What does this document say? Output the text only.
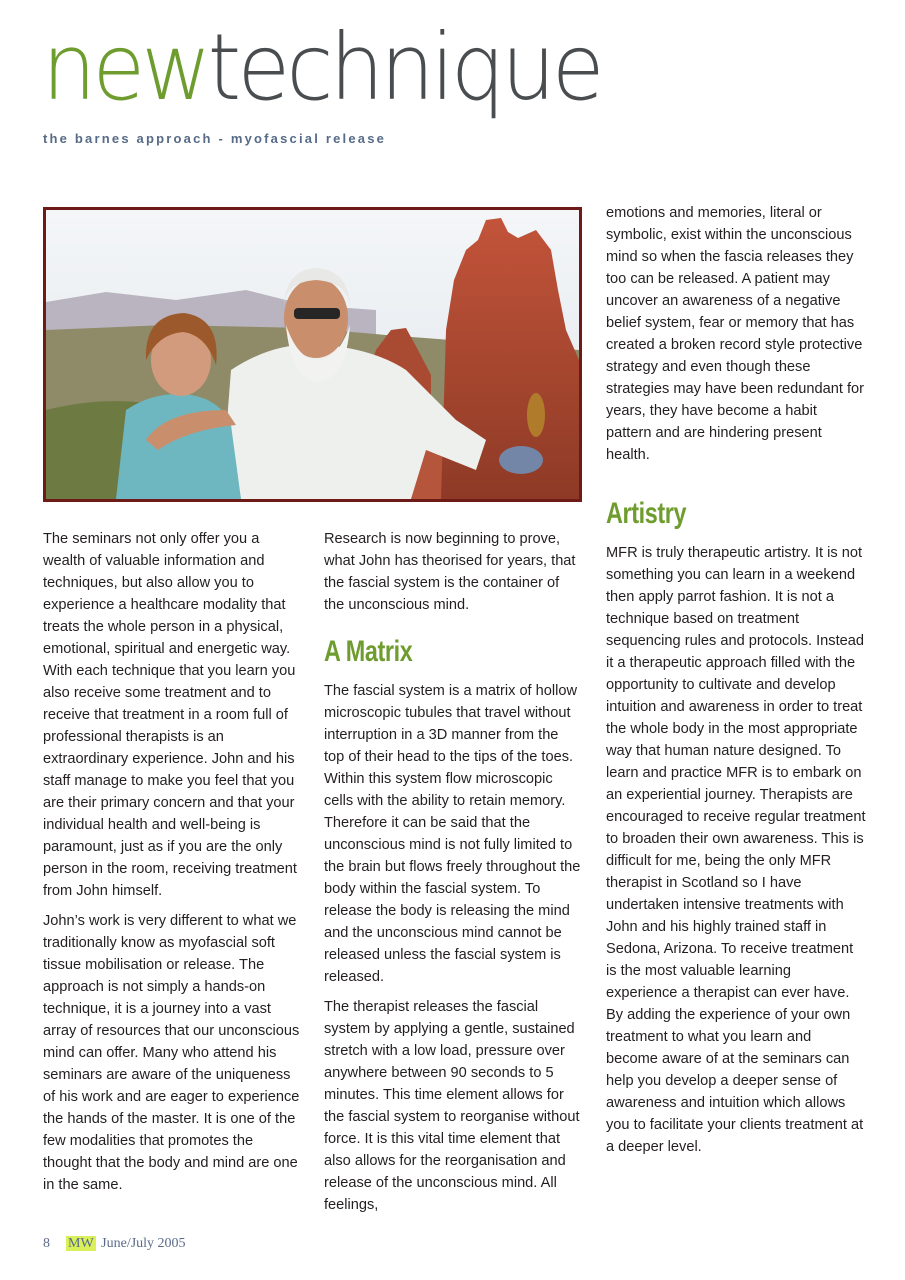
newtechnique
the barnes approach - myofascial release

The seminars not only offer you a wealth of valuable information and techniques, but also allow you to experience a healthcare modality that treats the whole person in a physical, emotional, spiritual and energetic way. With each technique that you learn you also receive some treatment and to receive that treatment in a room full of professional therapists is an extraordinary experience. John and his staff manage to make you feel that you are their primary concern and that your individual health and well-being is paramount, just as if you are the only person in the room, receiving treatment from John himself.

John’s work is very different to what we traditionally know as myofascial soft tissue mobilisation or release. The approach is not simply a hands-on technique, it is a journey into a vast array of resources that our unconscious mind can offer. Many who attend his seminars are aware of the uniqueness of his work and are eager to experience the hands of the master. It is one of the few modalities that promotes the thought that the body and mind are one in the same.

Research is now beginning to prove, what John has theorised for years, that the fascial system is the container of the unconscious mind.

A Matrix

The fascial system is a matrix of hollow microscopic tubules that travel without interruption in a 3D manner from the top of their head to the tips of the toes. Within this system flow microscopic cells with the ability to retain memory. Therefore it can be said that the unconscious mind is not fully limited to the brain but flows freely throughout the body within the fascial system. To release the body is releasing the mind and the unconscious mind cannot be released unless the fascial system is released.

The therapist releases the fascial system by applying a gentle, sustained stretch with a low load, pressure over anywhere between 90 seconds to 5 minutes. This time element allows for the fascial system to reorganise without force. It is this vital time element that also allows for the reorganisation and release of the unconscious mind. All feelings,

emotions and memories, literal or symbolic, exist within the unconscious mind so when the fascia releases they too can be released. A patient may uncover an awareness of a negative belief system, fear or memory that has created a broken record style protective strategy and even though these strategies may have been redundant for years, they have become a habit pattern and are hindering present health.

Artistry

MFR is truly therapeutic artistry. It is not something you can learn in a weekend then apply parrot fashion. It is not a technique based on treatment sequencing rules and protocols. Instead it a therapeutic approach filled with the opportunity to cultivate and develop intuition and awareness in order to treat the whole body in the most appropriate way that human nature designed. To learn and practice MFR is to embark on an experiential journey. Therapists are encouraged to receive regular treatment to broaden their own awareness. This is difficult for me, being the only MFR therapist in Scotland so I have undertaken intensive treatments with John and his highly trained staff in Sedona, Arizona. To receive treatment is the most valuable learning experience a therapist can ever have. By adding the experience of your own treatment to what you learn and become aware of at the seminars can help you develop a deeper sense of awareness and intuition which allows you to facilitate your clients treatment at a deeper level.

8 MW June/July 2005
